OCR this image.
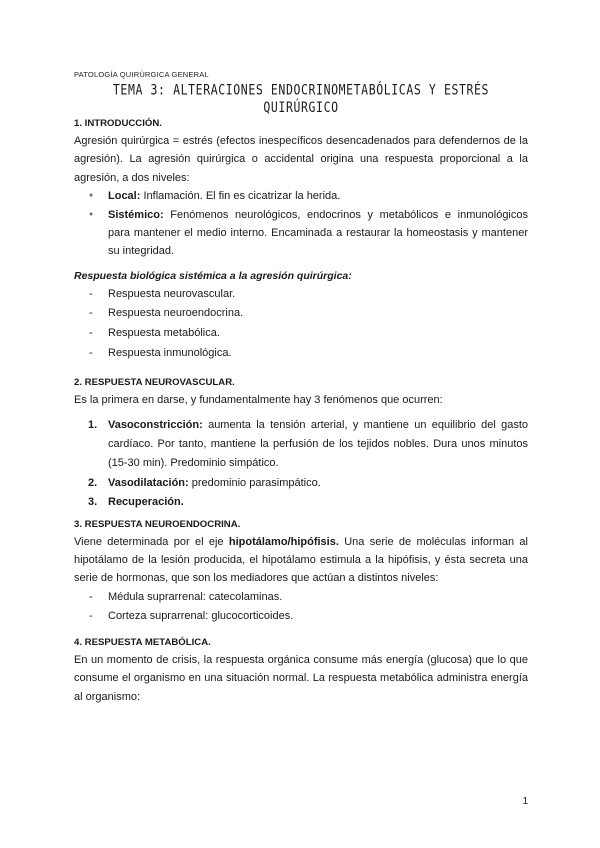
PATOLOGÍA QUIRÚRGICA GENERAL
TEMA 3: ALTERACIONES ENDOCRINOMETABÓLICAS Y ESTRÉS QUIRÚRGICO
1. INTRODUCCIÓN.

Agresión quirúrgica = estrés (efectos inespecíficos desencadenados para defendernos de la agresión). La agresión quirúrgica o accidental origina una respuesta proporcional a la agresión, a dos niveles:

● Local: Inflamación. El fin es cicatrizar la herida.
● Sistémico: Fenómenos neurológicos, endocrinos y metabólicos e inmunológicos para mantener el medio interno. Encaminada a restaurar la homeostasis y mantener su integridad.
Respuesta biológica sistémica a la agresión quirúrgica:
- Respuesta neurovascular.
- Respuesta neuroendocrina.
- Respuesta metabólica.
- Respuesta inmunológica.
2. RESPUESTA NEUROVASCULAR.

Es la primera en darse, y fundamentalmente hay 3 fenómenos que ocurren:

1. Vasoconstricción: aumenta la tensión arterial, y mantiene un equilibrio del gasto cardíaco. Por tanto, mantiene la perfusión de los tejidos nobles. Dura unos minutos (15-30 min). Predominio simpático.
2. Vasodilatación: predominio parasimpático.
3. Recuperación.
3. RESPUESTA NEUROENDOCRINA.

Viene determinada por el eje hipotálamo/hipófisis. Una serie de moléculas informan al hipotálamo de la lesión producida, el hipotálamo estimula a la hipófisis, y ésta secreta una serie de hormonas, que son los mediadores que actúan a distintos niveles:

- Médula suprarrenal: catecolaminas.
- Corteza suprarrenal: glucocorticoides.
4. RESPUESTA METABÓLICA.

En un momento de crisis, la respuesta orgánica consume más energía (glucosa) que lo que consume el organismo en una situación normal. La respuesta metabólica administra energía al organismo:

1
